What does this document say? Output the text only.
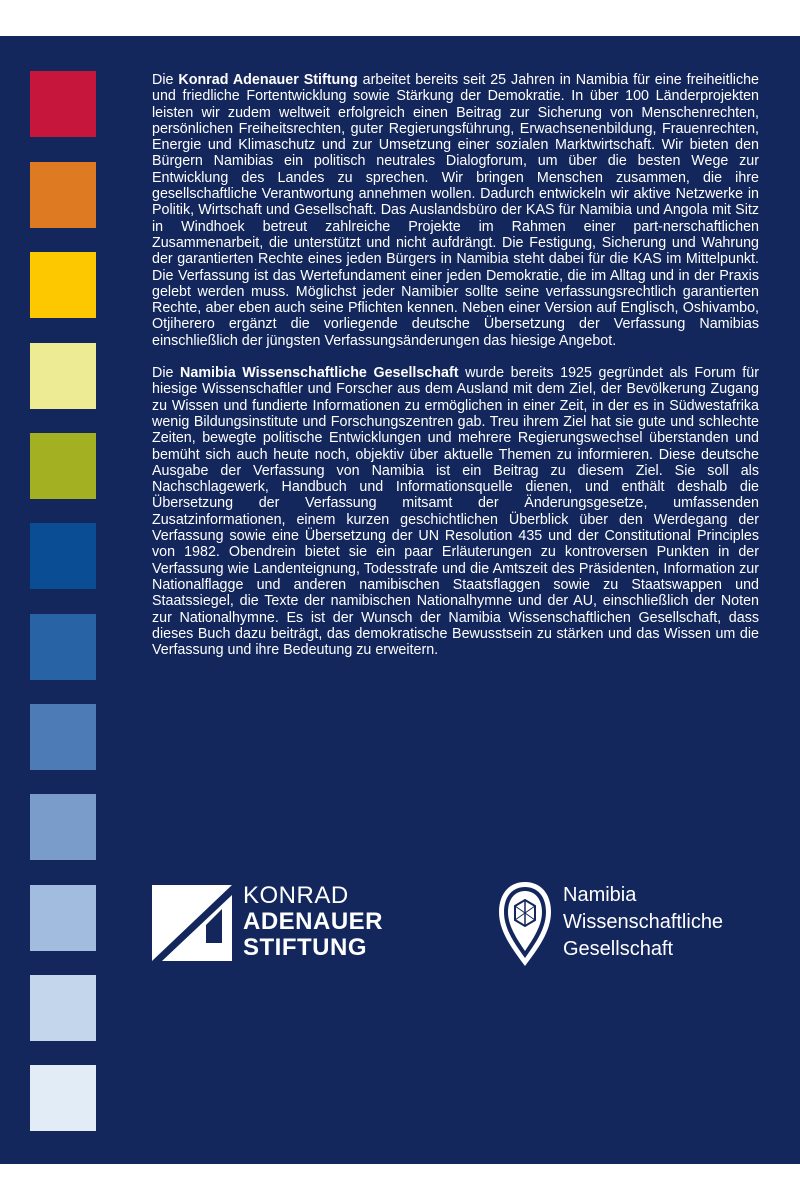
Die Konrad Adenauer Stiftung arbeitet bereits seit 25 Jahren in Namibia für eine freiheitliche und friedliche Fortentwicklung sowie Stärkung der Demokratie. In über 100 Länderprojekten leisten wir zudem weltweit erfolgreich einen Beitrag zur Sicherung von Menschenrechten, persönlichen Freiheitsrechten, guter Regierungsführung, Erwachsenenbildung, Frauenrechten, Energie und Klimaschutz und zur Umsetzung einer sozialen Marktwirtschaft. Wir bieten den Bürgern Namibias ein politisch neutrales Dialogforum, um über die besten Wege zur Entwicklung des Landes zu sprechen. Wir bringen Menschen zusammen, die ihre gesellschaftliche Verantwortung annehmen wollen. Dadurch entwickeln wir aktive Netzwerke in Politik, Wirtschaft und Gesellschaft. Das Auslandsbüro der KAS für Namibia und Angola mit Sitz in Windhoek betreut zahlreiche Projekte im Rahmen einer part-nerschaftlichen Zusammenarbeit, die unterstützt und nicht aufdrängt. Die Festigung, Sicherung und Wahrung der garantierten Rechte eines jeden Bürgers in Namibia steht dabei für die KAS im Mittelpunkt. Die Verfassung ist das Wertefundament einer jeden Demokratie, die im Alltag und in der Praxis gelebt werden muss. Möglichst jeder Namibier sollte seine verfassungsrechtlich garantierten Rechte, aber eben auch seine Pflichten kennen. Neben einer Version auf Englisch, Oshivambo, Otjiherero ergänzt die vorliegende deutsche Übersetzung der Verfassung Namibias einschließlich der jüngsten Verfassungsänderungen das hiesige Angebot.

Die Namibia Wissenschaftliche Gesellschaft wurde bereits 1925 gegründet als Forum für hiesige Wissenschaftler und Forscher aus dem Ausland mit dem Ziel, der Bevölkerung Zugang zu Wissen und fundierte Informationen zu ermöglichen in einer Zeit, in der es in Südwestafrika wenig Bildungsinstitute und Forschungszentren gab. Treu ihrem Ziel hat sie gute und schlechte Zeiten, bewegte politische Entwicklungen und mehrere Regierungswechsel überstanden und bemüht sich auch heute noch, objektiv über aktuelle Themen zu informieren. Diese deutsche Ausgabe der Verfassung von Namibia ist ein Beitrag zu diesem Ziel. Sie soll als Nachschlagewerk, Handbuch und Informationsquelle dienen, und enthält deshalb die Übersetzung der Verfassung mitsamt der Änderungsgesetze, umfassenden Zusatzinformationen, einem kurzen geschichtlichen Überblick über den Werdegang der Verfassung sowie eine Übersetzung der UN Resolution 435 und der Constitutional Principles von 1982. Obendrein bietet sie ein paar Erläuterungen zu kontroversen Punkten in der Verfassung wie Landenteignung, Todesstrafe und die Amtszeit des Präsidenten, Information zur Nationalflagge und anderen namibischen Staatsflaggen sowie zu Staatswappen und Staatssiegel, die Texte der namibischen Nationalhymne und der AU, einschließlich der Noten zur Nationalhymne. Es ist der Wunsch der Namibia Wissenschaftlichen Gesellschaft, dass dieses Buch dazu beiträgt, das demokratische Bewusstsein zu stärken und das Wissen um die Verfassung und ihre Bedeutung zu erweitern.

KONRAD
ADENAUER
STIFTUNG
Namibia
Wissenschaftliche
Gesellschaft
